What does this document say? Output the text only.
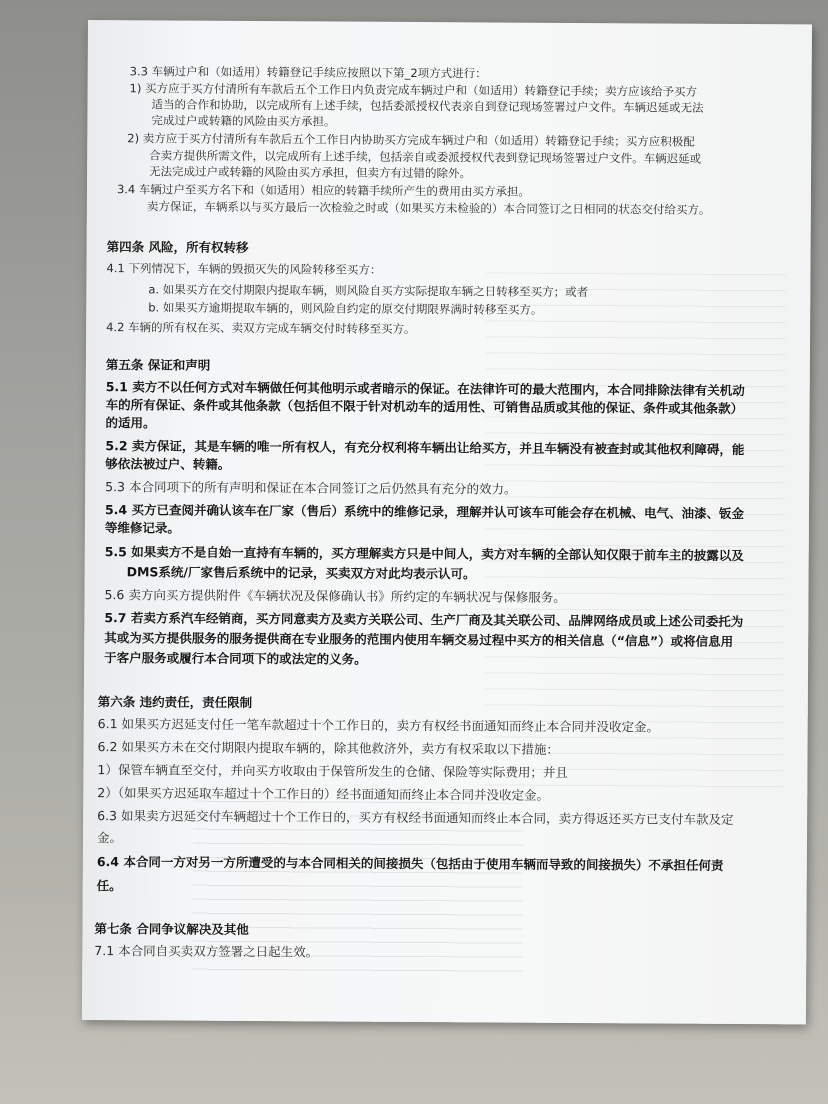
3.3 车辆过户和（如适用）转籍登记手续应按照以下第_2项方式进行：
1) 买方应于买方付清所有车款后五个工作日内负责完成车辆过户和（如适用）转籍登记手续；卖方应该给予买方
适当的合作和协助，以完成所有上述手续，包括委派授权代表亲自到登记现场签署过户文件。车辆迟延或无法
完成过户或转籍的风险由买方承担。
2) 卖方应于买方付清所有车款后五个工作日内协助买方完成车辆过户和（如适用）转籍登记手续；买方应积极配
合卖方提供所需文件，以完成所有上述手续，包括亲自或委派授权代表到登记现场签署过户文件。车辆迟延或
无法完成过户或转籍的风险由买方承担，但卖方有过错的除外。
3.4 车辆过户至买方名下和（如适用）相应的转籍手续所产生的费用由买方承担。
卖方保证，车辆系以与买方最后一次检验之时或（如果买方未检验的）本合同签订之日相同的状态交付给买方。
第四条 风险，所有权转移
4.1 下列情况下，车辆的毁损灭失的风险转移至买方：
a. 如果买方在交付期限内提取车辆，则风险自买方实际提取车辆之日转移至买方；或者
b. 如果买方逾期提取车辆的，则风险自约定的原交付期限界满时转移至买方。
4.2 车辆的所有权在买、卖双方完成车辆交付时转移至买方。
第五条 保证和声明
5.1 卖方不以任何方式对车辆做任何其他明示或者暗示的保证。在法律许可的最大范围内，本合同排除法律有关机动
车的所有保证、条件或其他条款（包括但不限于针对机动车的适用性、可销售品质或其他的保证、条件或其他条款）
的适用。
5.2 卖方保证，其是车辆的唯一所有权人，有充分权利将车辆出让给买方，并且车辆没有被查封或其他权利障碍，能
够依法被过户、转籍。
5.3 本合同项下的所有声明和保证在本合同签订之后仍然具有充分的效力。
5.4 买方已查阅并确认该车在厂家（售后）系统中的维修记录，理解并认可该车可能会存在机械、电气、油漆、钣金
等维修记录。
5.5 如果卖方不是自始一直持有车辆的，买方理解卖方只是中间人，卖方对车辆的全部认知仅限于前车主的披露以及
DMS系统/厂家售后系统中的记录，买卖双方对此均表示认可。
5.6 卖方向买方提供附件《车辆状况及保修确认书》所约定的车辆状况与保修服务。
5.7 若卖方系汽车经销商，买方同意卖方及卖方关联公司、生产厂商及其关联公司、品牌网络成员或上述公司委托为
其或为买方提供服务的服务提供商在专业服务的范围内使用车辆交易过程中买方的相关信息（“信息”）或将信息用
于客户服务或履行本合同项下的或法定的义务。
第六条 违约责任，责任限制
6.1 如果买方迟延支付任一笔车款超过十个工作日的，卖方有权经书面通知而终止本合同并没收定金。
6.2 如果买方未在交付期限内提取车辆的，除其他救济外，卖方有权采取以下措施：
1）保管车辆直至交付，并向买方收取由于保管所发生的仓储、保险等实际费用；并且
2）（如果买方迟延取车超过十个工作日的）经书面通知而终止本合同并没收定金。
6.3 如果卖方迟延交付车辆超过十个工作日的，买方有权经书面通知而终止本合同，卖方得返还买方已支付车款及定
金。
6.4 本合同一方对另一方所遭受的与本合同相关的间接损失（包括由于使用车辆而导致的间接损失）不承担任何责
任。
第七条 合同争议解决及其他
7.1 本合同自买卖双方签署之日起生效。
